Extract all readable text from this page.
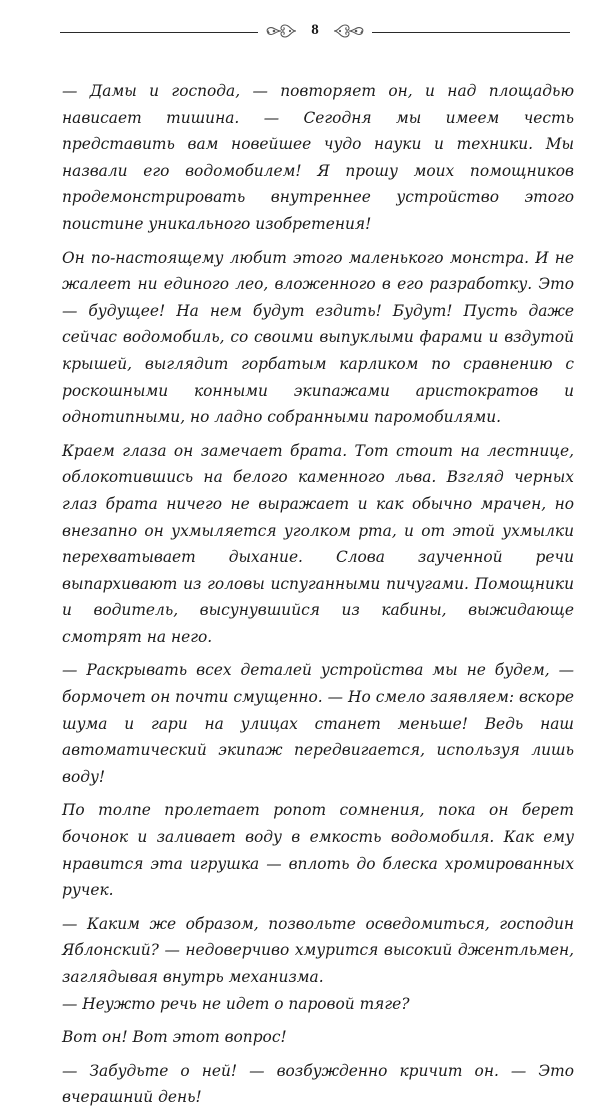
8

— Дамы и господа, — повторяет он, и над площадью нависает тишина. — Сегодня мы имеем честь представить вам новейшее чудо науки и техники. Мы назвали его водомобилем! Я прошу моих помощников продемонстрировать внутреннее устройство этого поистине уникального изобретения!

Он по-настоящему любит этого маленького монстра. И не жалеет ни единого лео, вложенного в его разработку. Это — будущее! На нем будут ездить! Будут! Пусть даже сейчас водомобиль, со своими выпуклыми фарами и вздутой крышей, выглядит горбатым карликом по сравнению с роскошными конными экипажами аристократов и однотипными, но ладно собранными паромобилями.

Краем глаза он замечает брата. Тот стоит на лестнице, облокотившись на белого каменного льва. Взгляд черных глаз брата ничего не выражает и как обычно мрачен, но внезапно он ухмыляется уголком рта, и от этой ухмылки перехватывает дыхание. Слова заученной речи выпархивают из головы испуганными пичугами. Помощники и водитель, высунувшийся из кабины, выжидающе смотрят на него.

— Раскрывать всех деталей устройства мы не будем, — бормочет он почти смущенно. — Но смело заявляем: вскоре шума и гари на улицах станет меньше! Ведь наш автоматический экипаж передвигается, используя лишь воду!

По толпе пролетает ропот сомнения, пока он берет бочонок и заливает воду в емкость водомобиля. Как ему нравится эта игрушка — вплоть до блеска хромированных ручек.

— Каким же образом, позвольте осведомиться, господин Яблонский? — недоверчиво хмурится высокий джентльмен, заглядывая внутрь механизма.

— Неужто речь не идет о паровой тяге?

Вот он! Вот этот вопрос!

— Забудьте о ней! — возбужденно кричит он. — Это вчерашний день!
